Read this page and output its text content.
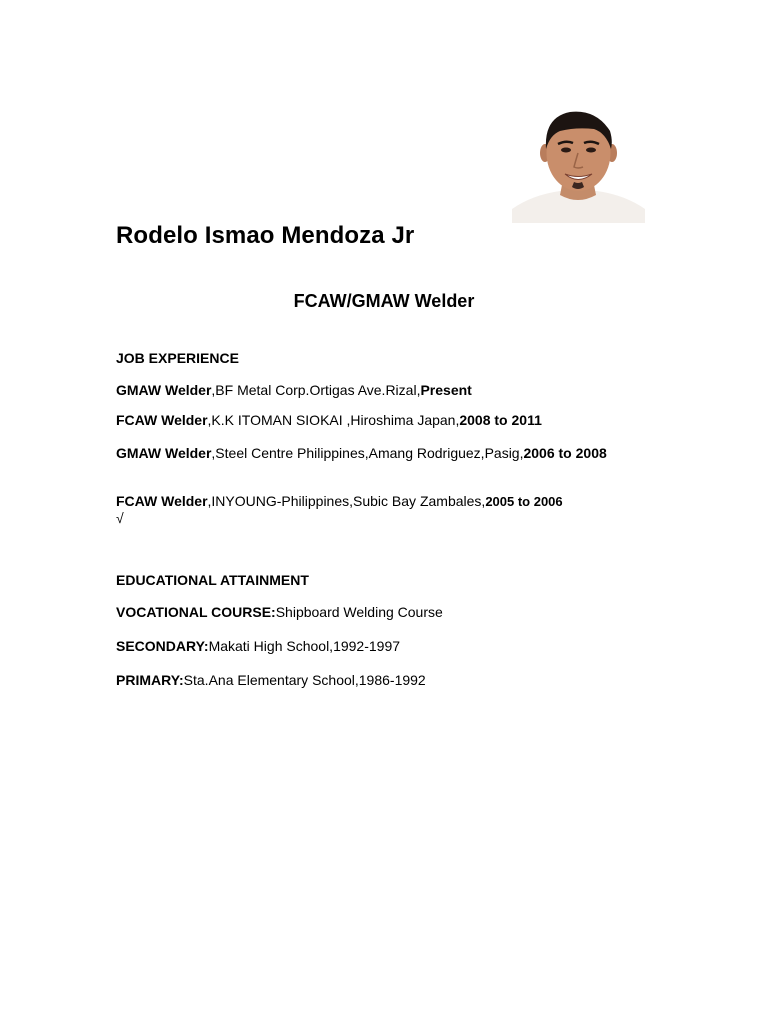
Rodelo Ismao Mendoza Jr
FCAW/GMAW Welder
JOB EXPERIENCE
GMAW Welder,BF Metal Corp.Ortigas Ave.Rizal,Present
FCAW Welder,K.K ITOMAN SIOKAI ,Hiroshima Japan,2008 to 2011
GMAW Welder,Steel Centre Philippines,Amang Rodriguez,Pasig,2006 to 2008
FCAW Welder,INYOUNG-Philippines,Subic Bay Zambales,2005 to 2006
√
EDUCATIONAL ATTAINMENT
VOCATIONAL COURSE:Shipboard Welding Course
SECONDARY:Makati High School,1992-1997
PRIMARY:Sta.Ana Elementary School,1986-1992
